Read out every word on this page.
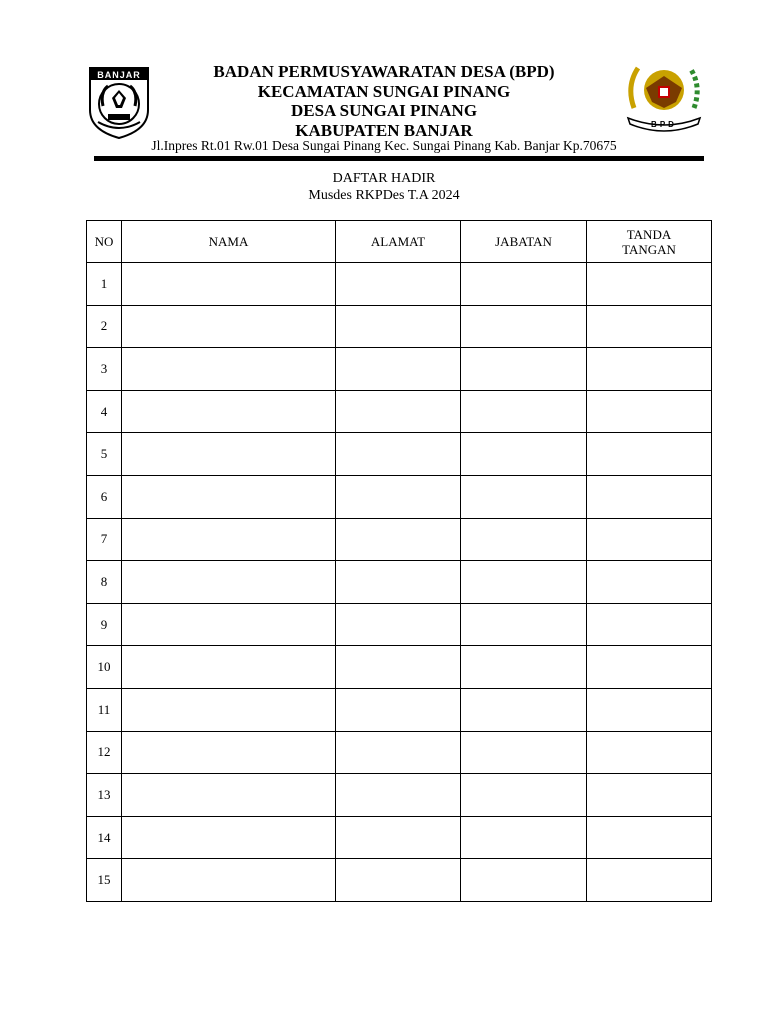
BANJAR
BPD
BADAN PERMUSYAWARATAN DESA (BPD)
KECAMATAN SUNGAI PINANG
DESA SUNGAI PINANG
KABUPATEN BANJAR
Jl.Inpres Rt.01 Rw.01 Desa Sungai Pinang Kec. Sungai Pinang Kab. Banjar Kp.70675
DAFTAR HADIR
Musdes RKPDes T.A 2024
NO	NAMA	ALAMAT	JABATAN	TANDA
TANGAN
1				
2				
3				
4				
5				
6				
7				
8				
9				
10				
11				
12				
13				
14				
15				
